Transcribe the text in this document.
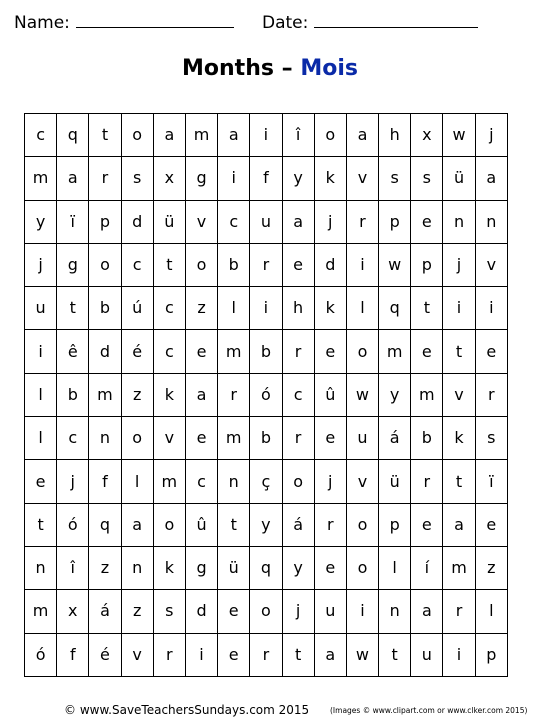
Name:	Date:
Months – Mois
c	q	t	o	a	m	a	i	î	o	a	h	x	w	j
m	a	r	s	x	g	i	f	y	k	v	s	s	ü	a
y	ï	p	d	ü	v	c	u	a	j	r	p	e	n	n
j	g	o	c	t	o	b	r	e	d	i	w	p	j	v
u	t	b	ú	c	z	l	i	h	k	l	q	t	i	i
i	ê	d	é	c	e	m	b	r	e	o	m	e	t	e
l	b	m	z	k	a	r	ó	c	û	w	y	m	v	r
l	c	n	o	v	e	m	b	r	e	u	á	b	k	s
e	j	f	l	m	c	n	ç	o	j	v	ü	r	t	ï
t	ó	q	a	o	û	t	y	á	r	o	p	e	a	e
n	î	z	n	k	g	ü	q	y	e	o	l	í	m	z
m	x	á	z	s	d	e	o	j	u	i	n	a	r	l
ó	f	é	v	r	i	e	r	t	a	w	t	u	i	p
© www.SaveTeachersSundays.com 2015	(Images © www.clipart.com or www.clker.com 2015)
